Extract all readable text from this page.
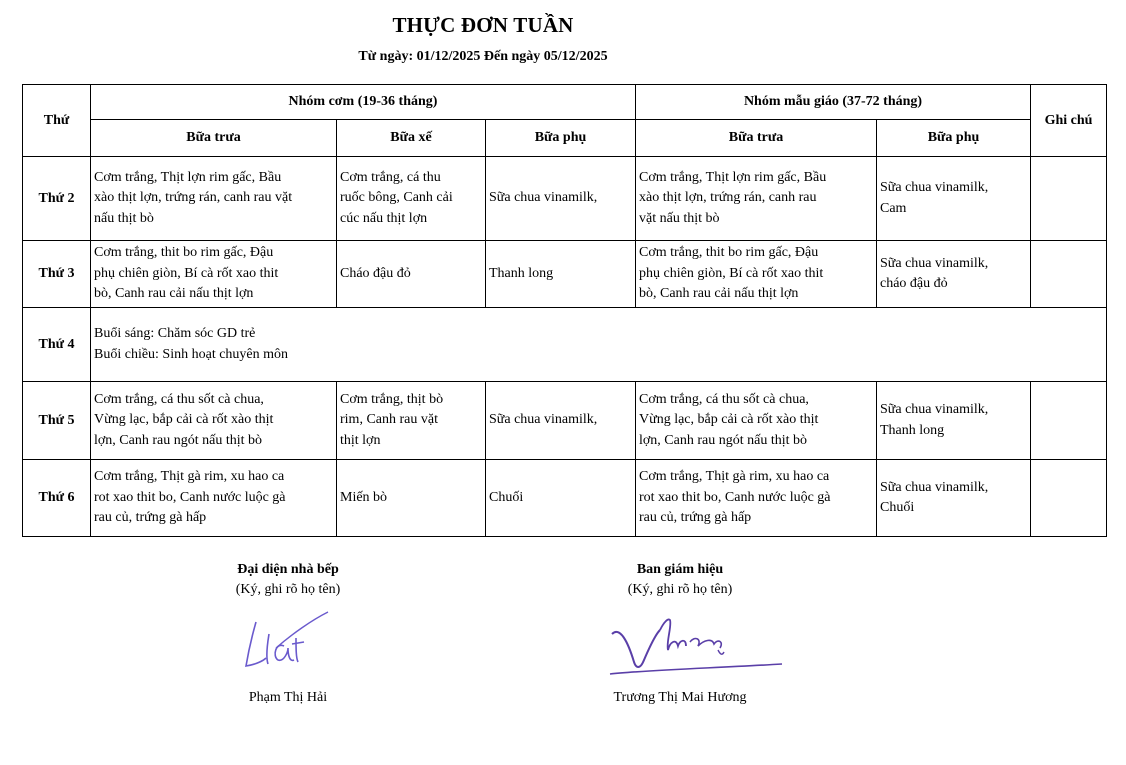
THỰC ĐƠN TUẦN
Từ ngày: 01/12/2025 Đến ngày 05/12/2025
Thứ	Nhóm cơm (19-36 tháng)			Nhóm mẫu giáo (37-72 tháng)		Ghi chú
	Bữa trưa	Bữa xế	Bữa phụ	Bữa trưa	Bữa phụ	
Thứ 2	Cơm trắng, Thịt lợn rim gấc, Bầu
xào thịt lợn, trứng rán, canh rau vặt
nấu thịt bò	Cơm trắng, cá thu
ruốc bông, Canh cải
cúc nấu thịt lợn	Sữa chua vinamilk,	Cơm trắng, Thịt lợn rim gấc, Bầu
xào thịt lợn, trứng rán, canh rau
vặt nấu thịt bò	Sữa chua vinamilk,
Cam	
Thứ 3	Cơm trắng, thit bo rim gấc, Đậu
phụ chiên giòn, Bí cà rốt xao thit
bò, Canh rau cải nấu thịt lợn	Cháo đậu đỏ	Thanh long	Cơm trắng, thit bo rim gấc, Đậu
phụ chiên giòn, Bí cà rốt xao thit
bò, Canh rau cải nấu thịt lợn	Sữa chua vinamilk,
cháo đậu đỏ	
Thứ 4	Buổi sáng: Chăm sóc GD trẻ
Buổi chiều: Sinh hoạt chuyên môn					
Thứ 5	Cơm trắng, cá thu sốt cà chua,
Vừng lạc, bắp cải cà rốt xào thịt
lợn, Canh rau ngót nấu thịt bò	Cơm trắng, thịt bò
rim, Canh rau vặt
thịt lợn	Sữa chua vinamilk,	Cơm trắng, cá thu sốt cà chua,
Vừng lạc, bắp cải cà rốt xào thịt
lợn, Canh rau ngót nấu thịt bò	Sữa chua vinamilk,
Thanh long	
Thứ 6	Cơm trắng, Thịt gà rim, xu hao ca
rot xao thit bo, Canh nước luộc gà
rau củ, trứng gà hấp	Miến bò	Chuối	Cơm trắng, Thịt gà rim, xu hao ca
rot xao thit bo, Canh nước luộc gà
rau củ, trứng gà hấp	Sữa chua vinamilk,
Chuối	
Đại diện nhà bếp
(Ký, ghi rõ họ tên)
Phạm Thị Hải
Ban giám hiệu
(Ký, ghi rõ họ tên)
Trương Thị Mai Hương
